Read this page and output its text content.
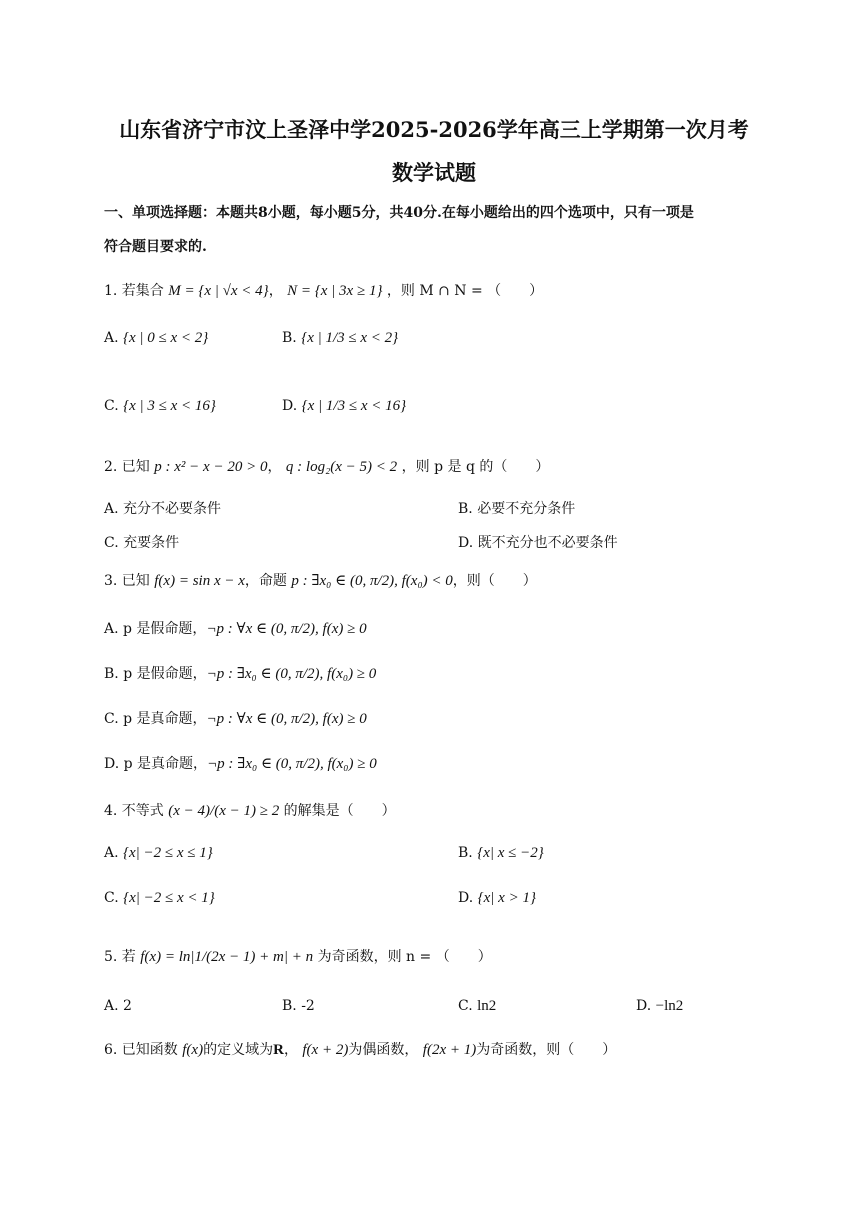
山东省济宁市汶上圣泽中学2025-2026学年高三上学期第一次月考
数学试题
一、单项选择题：本题共8小题，每小题5分，共40分.在每小题给出的四个选项中，只有一项是
符合题目要求的.
1. 若集合 M = {x | √x < 4}， N = {x | 3x ≥ 1} ，则 M ∩ N = （　　）
A. {x | 0 ≤ x < 2}	B. {x | 1/3 ≤ x < 2}
C. {x | 3 ≤ x < 16}	D. {x | 1/3 ≤ x < 16}
2. 已知 p : x² − x − 20 > 0， q : log₂(x − 5) < 2 ，则 p 是 q 的（　　）
A. 充分不必要条件	B. 必要不充分条件
C. 充要条件	D. 既不充分也不必要条件
3. 已知 f(x) = sin x − x，命题 p : ∃x₀ ∈ (0, π/2), f(x₀) < 0，则（　　）
A. p 是假命题，¬p : ∀x ∈ (0, π/2), f(x) ≥ 0
B. p 是假命题，¬p : ∃x₀ ∈ (0, π/2), f(x₀) ≥ 0
C. p 是真命题，¬p : ∀x ∈ (0, π/2), f(x) ≥ 0
D. p 是真命题，¬p : ∃x₀ ∈ (0, π/2), f(x₀) ≥ 0
4. 不等式 (x − 4)/(x − 1) ≥ 2 的解集是（　　）
A. {x| −2 ≤ x ≤ 1}	B. {x| x ≤ −2}
C. {x| −2 ≤ x < 1}	D. {x| x > 1}
5. 若 f(x) = ln|1/(2x − 1) + m| + n 为奇函数，则 n = （　　）
A. 2	B. -2	C. ln2	D. −ln2
6. 已知函数 f(x)的定义域为R， f(x + 2)为偶函数， f(2x + 1)为奇函数，则（　　）
